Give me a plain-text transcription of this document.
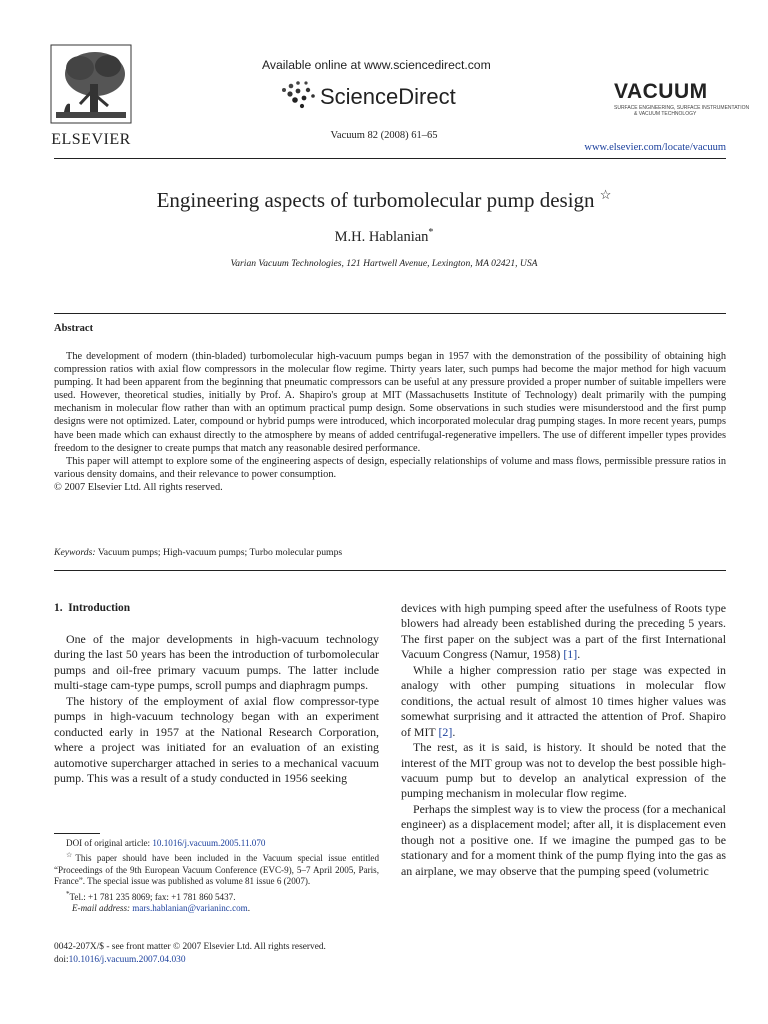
ELSEVIER
Available online at www.sciencedirect.com
ScienceDirect
Vacuum 82 (2008) 61–65
VACUUM
SURFACE ENGINEERING, SURFACE INSTRUMENTATION
& VACUUM TECHNOLOGY
www.elsevier.com/locate/vacuum
Engineering aspects of turbomolecular pump design ☆
M.H. Hablanian*
Varian Vacuum Technologies, 121 Hartwell Avenue, Lexington, MA 02421, USA
Abstract

The development of modern (thin-bladed) turbomolecular high-vacuum pumps began in 1957 with the demonstration of the possibility of obtaining high compression ratios with axial flow compressors in the molecular flow regime. Thirty years later, such pumps had become the major method for high vacuum pumping. It had been apparent from the beginning that pneumatic compressors can be useful at any pressure provided a proper number of suitable impellers were used. However, theoretical studies, initially by Prof. A. Shapiro's group at MIT (Massachusetts Institute of Technology) dealt primarily with the pumping mechanism in molecular flow rather than with an optimum practical pump design. Some observations in such studies were misunderstood and the first pump designs were not optimized. Later, compound or hybrid pumps were introduced, which incorporated molecular drag pumping stages. In more recent years, pumps have been made which can exhaust directly to the atmosphere by means of added centrifugal-regenerative impellers. The use of different impeller types provides freedom to the designer to create pumps that match any reasonable desired performance.

This paper will attempt to explore some of the engineering aspects of design, especially relationships of volume and mass flows, permissible pressure ratios in various density domains, and their relevance to power consumption.

© 2007 Elsevier Ltd. All rights reserved.

Keywords: Vacuum pumps; High-vacuum pumps; Turbo molecular pumps
1.  Introduction

One of the major developments in high-vacuum technology during the last 50 years has been the introduction of turbomolecular pumps and oil-free primary vacuum pumps. The latter include multi-stage cam-type pumps, scroll pumps and diaphragm pumps.

The history of the employment of axial flow compressor-type pumps in high-vacuum technology began with an experiment conducted early in 1957 at the National Research Corporation, where a project was initiated for an evaluation of an existing automotive supercharger attached in series to a mechanical vacuum pump. This was a result of a study conducted in 1956 seeking

devices with high pumping speed after the usefulness of Roots type blowers had already been established during the preceding 5 years. The first paper on the subject was a part of the first International Vacuum Congress (Namur, 1958) [1].

While a higher compression ratio per stage was expected in analogy with other pumping situations in molecular flow conditions, the actual result of almost 10 times higher values was somewhat surprising and it attracted the attention of Prof. Shapiro of MIT [2].

The rest, as it is said, is history. It should be noted that the interest of the MIT group was not to develop the best possible high-vacuum pump but to develop an analytical expression of the pumping mechanism in molecular flow regime.

Perhaps the simplest way is to view the process (for a mechanical engineer) as a displacement model; after all, it is displacement even though not a positive one. If we imagine the pumped gas to be stationary and for a moment think of the pump flying into the gas as an airplane, we may observe that the pumping speed (volumetric

DOI of original article: 10.1016/j.vacuum.2005.11.070
☆This paper should have been included in the Vacuum special issue entitled “Proceedings of the 9th European Vacuum Conference (EVC-9), 5–7 April 2005, Paris, France”. The special issue was published as volume 81 issue 6 (2007).
*Tel.: +1 781 235 8069; fax: +1 781 860 5437.
E-mail address: mars.hablanian@varianinc.com.
0042-207X/$ - see front matter © 2007 Elsevier Ltd. All rights reserved.
doi:10.1016/j.vacuum.2007.04.030
